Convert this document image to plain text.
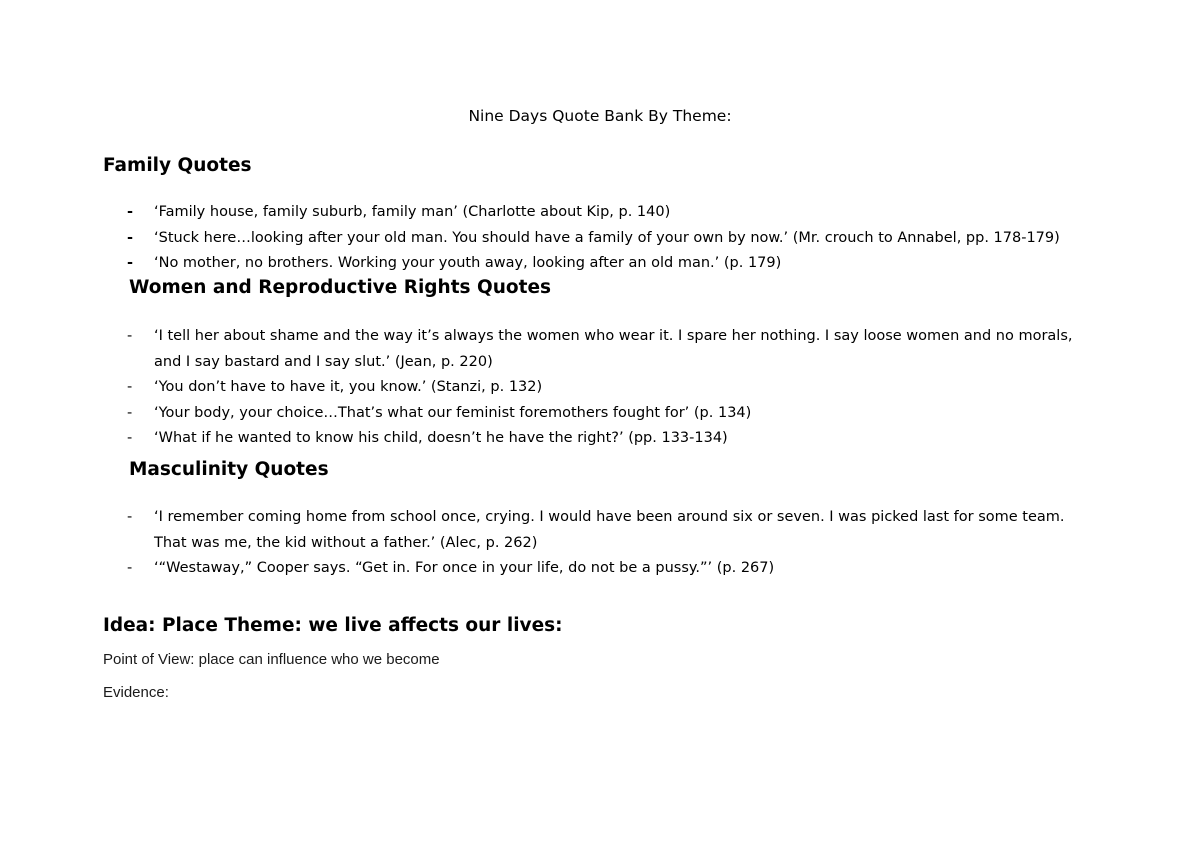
Nine Days Quote Bank By Theme:
Family Quotes
- ‘Family house, family suburb, family man’ (Charlotte about Kip, p. 140)
- ‘Stuck here…looking after your old man. You should have a family of your own by now.’ (Mr. crouch to Annabel, pp. 178-179)
- ‘No mother, no brothers. Working your youth away, looking after an old man.’ (p. 179)
Women and Reproductive Rights Quotes
- ‘I tell her about shame and the way it’s always the women who wear it. I spare her nothing. I say loose women and no morals, and I say bastard and I say slut.’ (Jean, p. 220)
- ‘You don’t have to have it, you know.’ (Stanzi, p. 132)
- ‘Your body, your choice…That’s what our feminist foremothers fought for’ (p. 134)
- ‘What if he wanted to know his child, doesn’t he have the right?’ (pp. 133-134)
Masculinity Quotes
- ‘I remember coming home from school once, crying. I would have been around six or seven. I was picked last for some team. That was me, the kid without a father.’ (Alec, p. 262)
- ‘“Westaway,” Cooper says. “Get in. For once in your life, do not be a pussy.”’ (p. 267)
Idea: Place Theme: we live affects our lives:
Point of View: place can influence who we become
Evidence:
